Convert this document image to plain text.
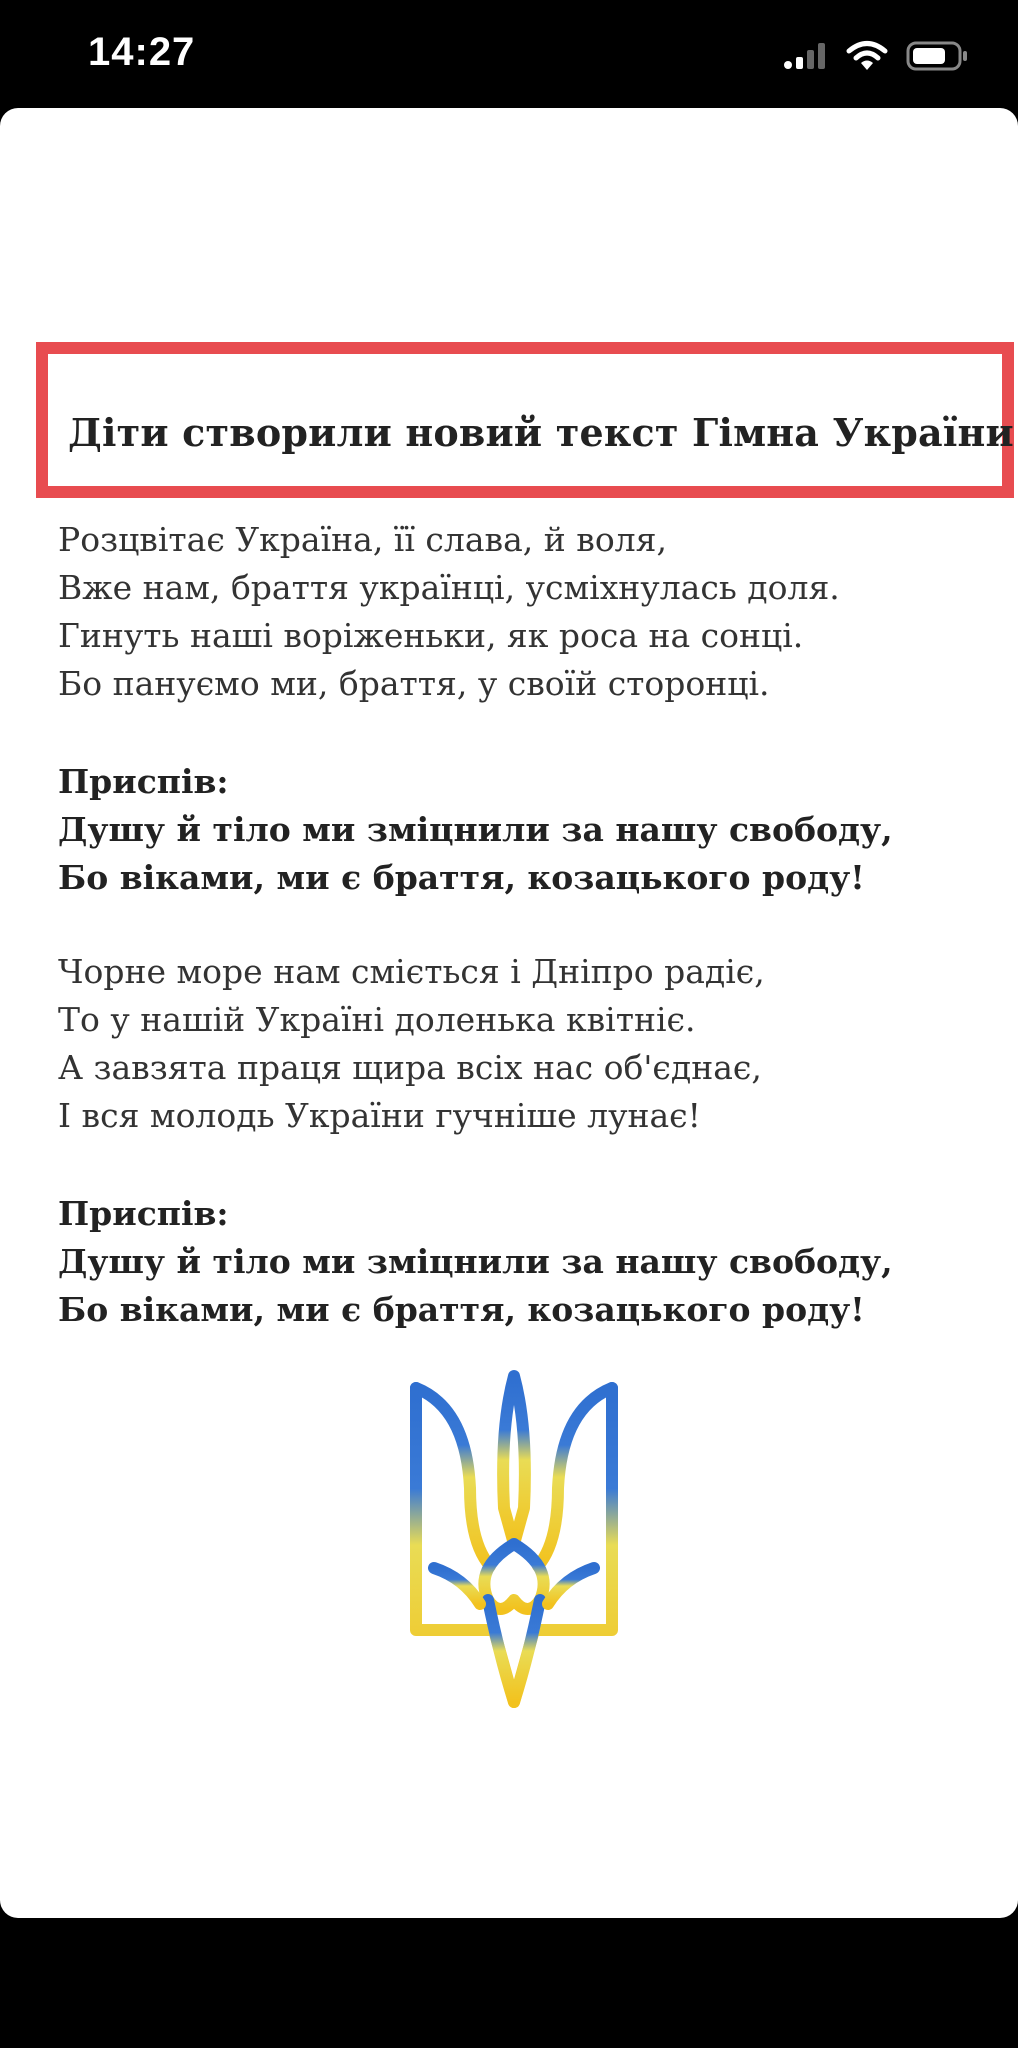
14:27
Діти створили новий текст Гімна України
Розцвітає Україна, її слава, й воля,
Вже нам, браття українці, усміхнулась доля.
Гинуть наші воріженьки, як роса на сонці.
Бо пануємо ми, браття, у своїй сторонці.
Приспів:
Душу й тіло ми зміцнили за нашу свободу,
Бо віками, ми є браття, козацького роду!
Чорне море нам сміється і Дніпро радіє,
То у нашій Україні доленька квітніє.
А завзята праця щира всіх нас об'єднає,
І вся молодь України гучніше лунає!
Приспів:
Душу й тіло ми зміцнили за нашу свободу,
Бо віками, ми є браття, козацького роду!
